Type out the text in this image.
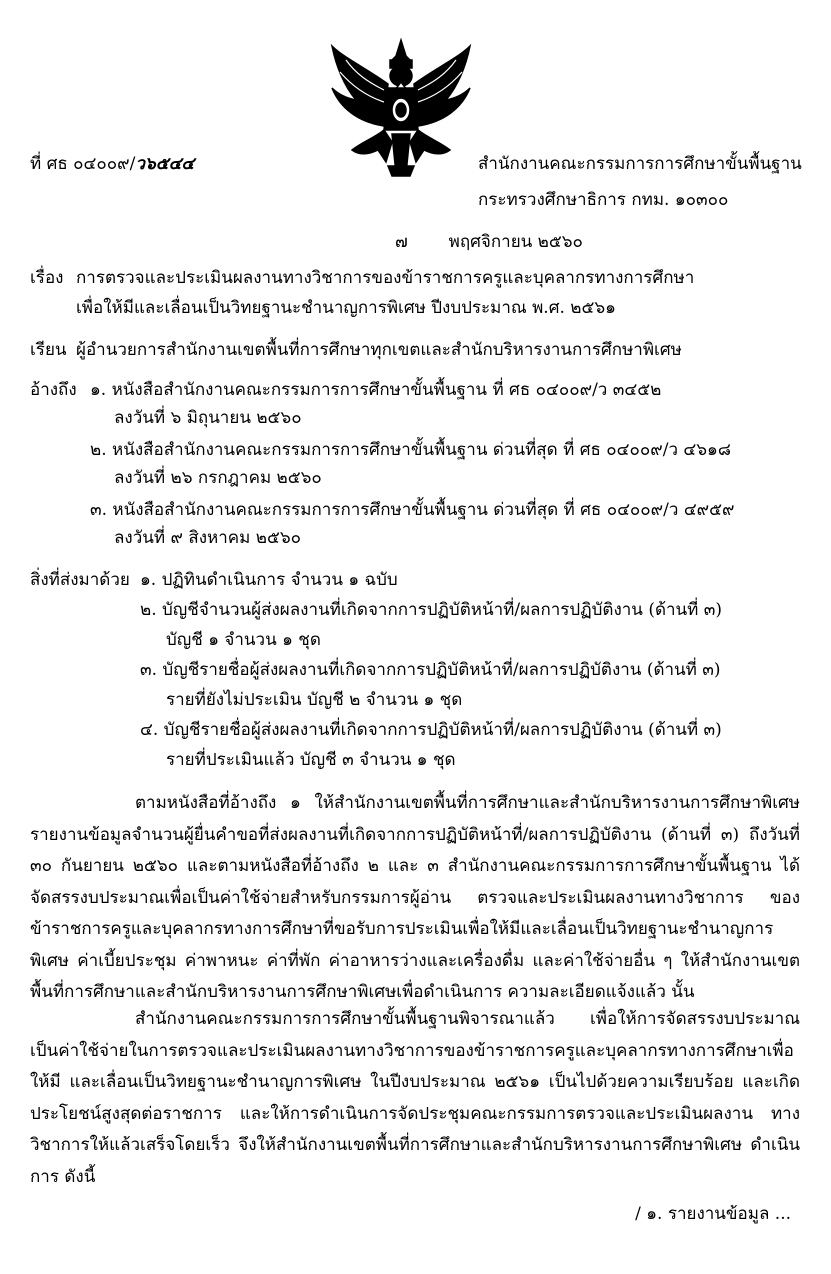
ที่ ศธ ๐๔๐๐๙/ว๖๕๔๔	สำนักงานคณะกรรมการการศึกษาขั้นพื้นฐาน
กระทรวงศึกษาธิการ กทม. ๑๐๓๐๐
๗ พฤศจิกายน ๒๕๖๐
เรื่อง การตรวจและประเมินผลงานทางวิชาการของข้าราชการครูและบุคลากรทางการศึกษา
เพื่อให้มีและเลื่อนเป็นวิทยฐานะชำนาญการพิเศษ ปีงบประมาณ พ.ศ. ๒๕๖๑
เรียน ผู้อำนวยการสำนักงานเขตพื้นที่การศึกษาทุกเขตและสำนักบริหารงานการศึกษาพิเศษ
อ้างถึง ๑. หนังสือสำนักงานคณะกรรมการการศึกษาขั้นพื้นฐาน ที่ ศธ ๐๔๐๐๙/ว ๓๔๕๒
ลงวันที่ ๖ มิถุนายน ๒๕๖๐
๒. หนังสือสำนักงานคณะกรรมการการศึกษาขั้นพื้นฐาน ด่วนที่สุด ที่ ศธ ๐๔๐๐๙/ว ๔๖๑๘
ลงวันที่ ๒๖ กรกฎาคม ๒๕๖๐
๓. หนังสือสำนักงานคณะกรรมการการศึกษาขั้นพื้นฐาน ด่วนที่สุด ที่ ศธ ๐๔๐๐๙/ว ๔๙๕๙
ลงวันที่ ๙ สิงหาคม ๒๕๖๐
สิ่งที่ส่งมาด้วย ๑. ปฏิทินดำเนินการ จำนวน ๑ ฉบับ
๒. บัญชีจำนวนผู้ส่งผลงานที่เกิดจากการปฏิบัติหน้าที่/ผลการปฏิบัติงาน (ด้านที่ ๓)
บัญชี ๑ จำนวน ๑ ชุด
๓. บัญชีรายชื่อผู้ส่งผลงานที่เกิดจากการปฏิบัติหน้าที่/ผลการปฏิบัติงาน (ด้านที่ ๓)
รายที่ยังไม่ประเมิน บัญชี ๒ จำนวน ๑ ชุด
๔. บัญชีรายชื่อผู้ส่งผลงานที่เกิดจากการปฏิบัติหน้าที่/ผลการปฏิบัติงาน (ด้านที่ ๓)
รายที่ประเมินแล้ว บัญชี ๓ จำนวน ๑ ชุด

ตามหนังสือที่อ้างถึง ๑ ให้สำนักงานเขตพื้นที่การศึกษาและสำนักบริหารงานการศึกษาพิเศษ รายงานข้อมูลจำนวนผู้ยื่นคำขอที่ส่งผลงานที่เกิดจากการปฏิบัติหน้าที่/ผลการปฏิบัติงาน (ด้านที่ ๓) ถึงวันที่ ๓๐ กันยายน ๒๕๖๐ และตามหนังสือที่อ้างถึง ๒ และ ๓ สำนักงานคณะกรรมการการศึกษาขั้นพื้นฐาน ได้จัดสรรงบประมาณเพื่อเป็นค่าใช้จ่ายสำหรับกรรมการผู้อ่าน ตรวจและประเมินผลงานทางวิชาการ ของข้าราชการครูและบุคลากรทางการศึกษาที่ขอรับการประเมินเพื่อให้มีและเลื่อนเป็นวิทยฐานะชำนาญการพิเศษ ค่าเบี้ยประชุม ค่าพาหนะ ค่าที่พัก ค่าอาหารว่างและเครื่องดื่ม และค่าใช้จ่ายอื่น ๆ ให้สำนักงานเขตพื้นที่การศึกษาและสำนักบริหารงานการศึกษาพิเศษเพื่อดำเนินการ ความละเอียดแจ้งแล้ว นั้น

สำนักงานคณะกรรมการการศึกษาขั้นพื้นฐานพิจารณาแล้ว เพื่อให้การจัดสรรงบประมาณ เป็นค่าใช้จ่ายในการตรวจและประเมินผลงานทางวิชาการของข้าราชการครูและบุคลากรทางการศึกษาเพื่อให้มี และเลื่อนเป็นวิทยฐานะชำนาญการพิเศษ ในปีงบประมาณ ๒๕๖๑ เป็นไปด้วยความเรียบร้อย และเกิดประโยชน์สูงสุดต่อราชการ และให้การดำเนินการจัดประชุมคณะกรรมการตรวจและประเมินผลงาน ทางวิชาการให้แล้วเสร็จโดยเร็ว จึงให้สำนักงานเขตพื้นที่การศึกษาและสำนักบริหารงานการศึกษาพิเศษ ดำเนินการ ดังนี้

/ ๑. รายงานข้อมูล ...
